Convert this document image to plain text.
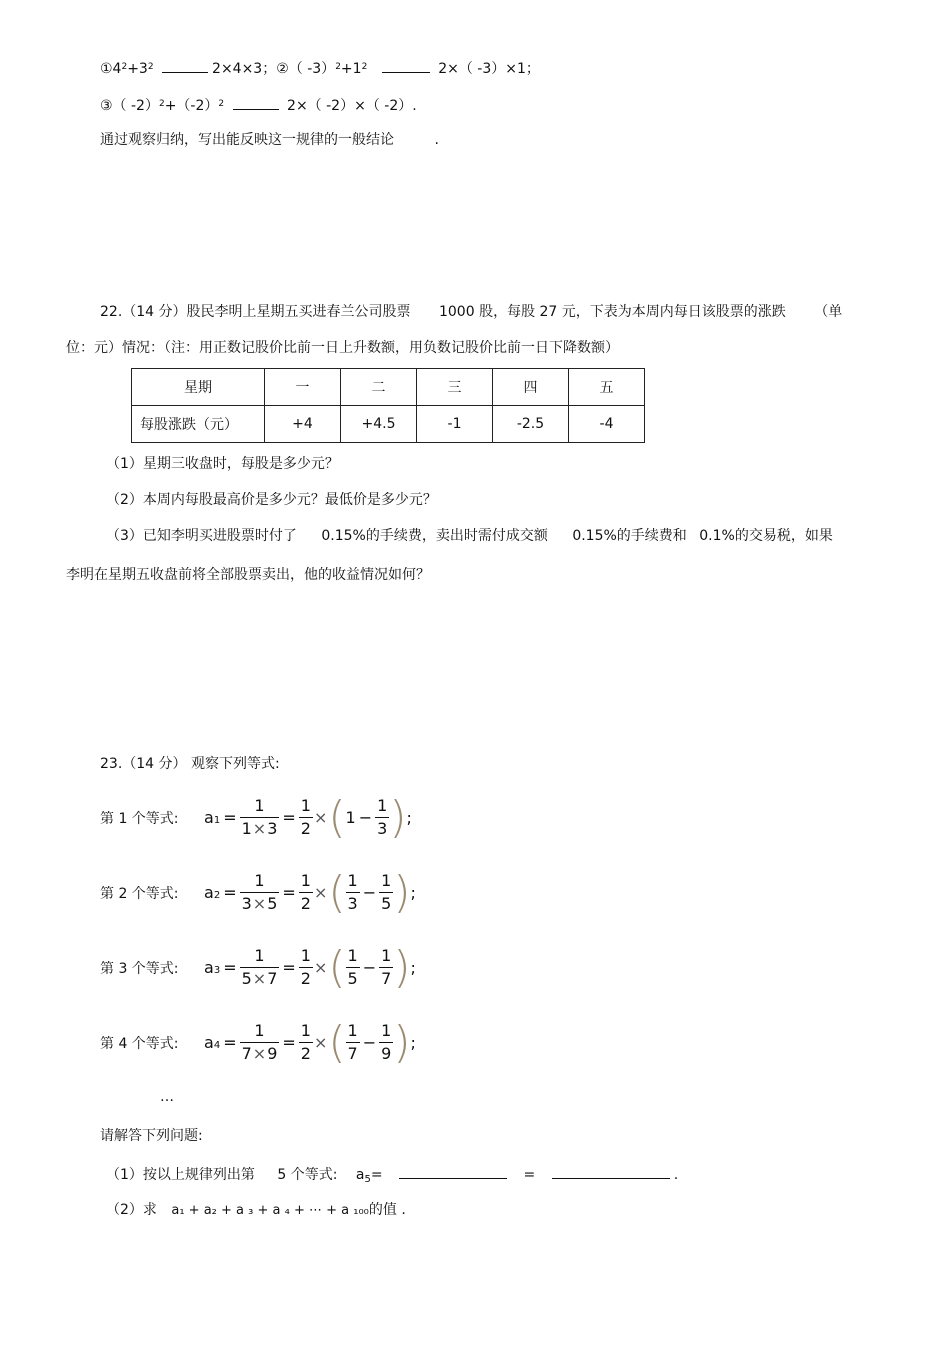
$①4^2+3^2$	2×4×3；②（ $-3)^2+1^2$	2×（ -3）×1；
③（ $-2)^2+(-2)^2$	2×（ -2）×（ -2）.
通过观察归纳，写出能反映这一规律的一般结论	.
22.（14 分）股民李明上星期五买进春兰公司股票 1000 股，每股 27 元，下表为本周内每日该股票的涨跌 （单
位：元）情况：（注：用正数记股价比前一日上升数额，用负数记股价比前一日下降数额）
星期	一	二	三	四	五
每股涨跌（元）	+4	+4.5	-1	-2.5	-4
（1）星期三收盘时，每股是多少元？
（2）本周内每股最高价是多少元？最低价是多少元？
（3）已知李明买进股票时付了 0.15%的手续费，卖出时需付成交额 0.15%的手续费和 0.1%的交易税，如果
李明在星期五收盘前将全部股票卖出，他的收益情况如何？
23.（14 分） 观察下列等式:
第 1 个等式:	$a_1 = \frac{1}{1\times 3} = \frac{1}{2}$ × ( $1 - \frac{1}{3}$ ) ;
第 2 个等式:	$a_2 = \frac{1}{3\times 5} = \frac{1}{2}$ × ( $\frac{1}{3} - \frac{1}{5}$ ) ;
第 3 个等式:	$a_3 = \frac{1}{5\times 7} = \frac{1}{2}$ × ( $\frac{1}{5} - \frac{1}{7}$ ) ;
第 4 个等式:	$a_4 = \frac{1}{7\times 9} = \frac{1}{2}$ × ( $\frac{1}{7} - \frac{1}{9}$ ) ;
…
请解答下列问题:
（1）按以上规律列出第 5 个等式: $a_5=$	=	.
（2）求 a₁ + a₂ + a ₃ + a ₄ + ⋯ + a ₁₀₀的值 .
